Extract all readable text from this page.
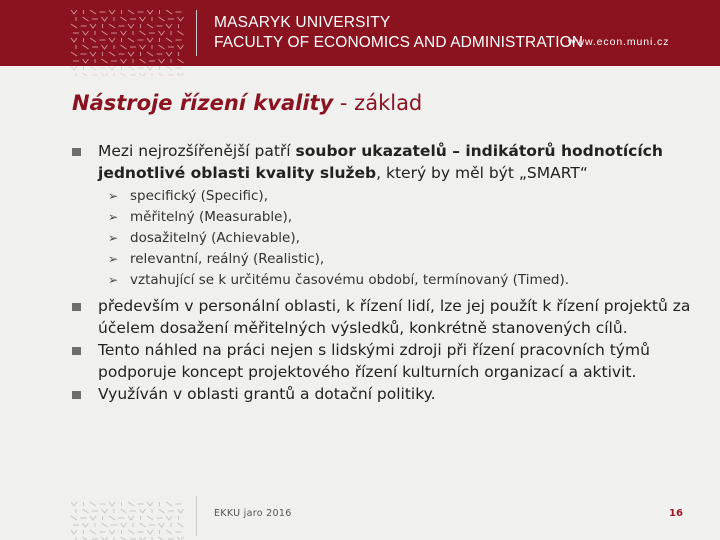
MASARYK UNIVERSITY
FACULTY OF ECONOMICS AND ADMINISTRATION
www.econ.muni.cz
Nástroje řízení kvality - základ
Mezi nejrozšířenější patří soubor ukazatelů – indikátorů hodnotících jednotlivé oblasti kvality služeb, který by měl být „SMART“
➢ specifický (Specific),
➢ měřitelný (Measurable),
➢ dosažitelný (Achievable),
➢ relevantní, reálný (Realistic),
➢ vztahující se k určitému časovému období, termínovaný (Timed).
především v personální oblasti, k řízení lidí, lze jej použít k řízení projektů za účelem dosažení měřitelných výsledků, konkrétně stanovených cílů.
Tento náhled na práci nejen s lidskými zdroji při řízení pracovních týmů podporuje koncept projektového řízení kulturních organizací a aktivit.
Využíván v oblasti grantů a dotační politiky.
EKKU jaro 2016	16
